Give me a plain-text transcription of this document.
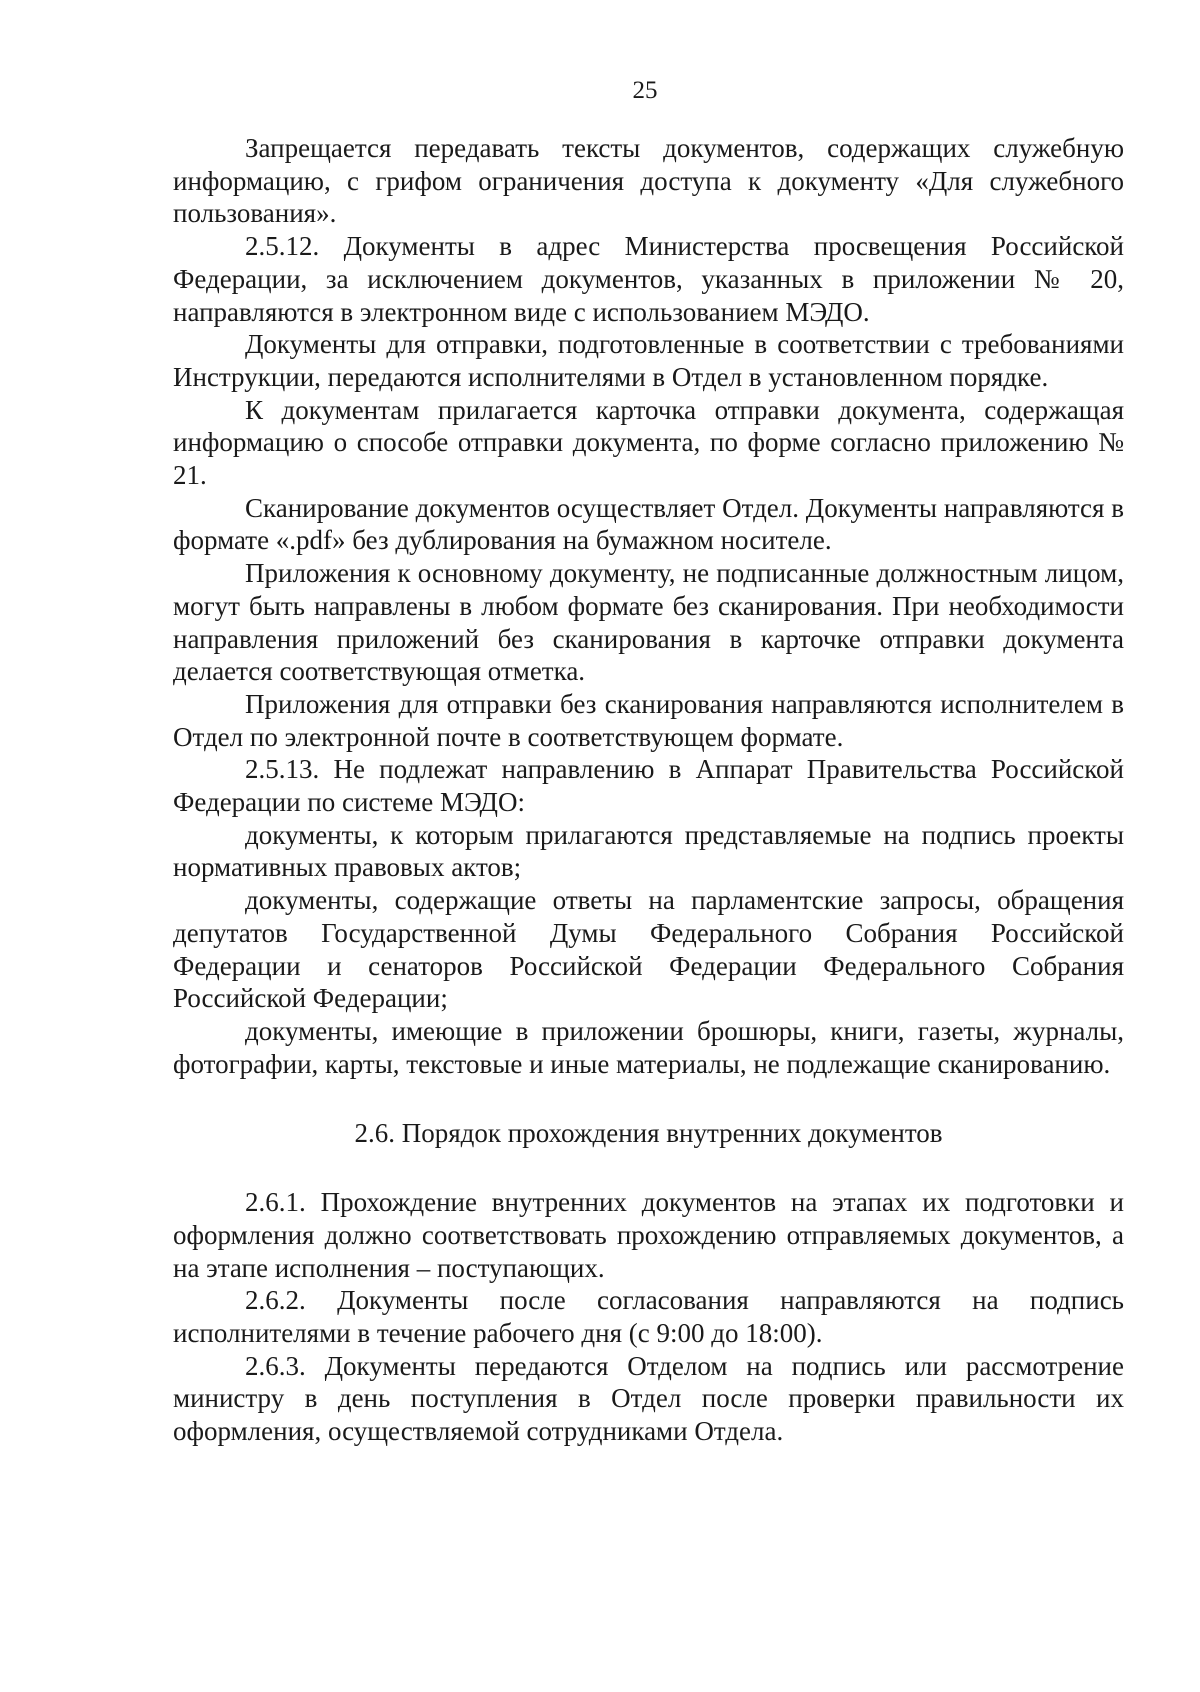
25

Запрещается передавать тексты документов, содержащих служебную информацию, с грифом ограничения доступа к документу «Для служебного пользования».

2.5.12. Документы в адрес Министерства просвещения Российской Федерации, за исключением документов, указанных в приложении № 20, направляются в электронном виде с использованием МЭДО.

Документы для отправки, подготовленные в соответствии с требованиями Инструкции, передаются исполнителями в Отдел в установленном порядке.

К документам прилагается карточка отправки документа, содержащая информацию о способе отправки документа, по форме согласно приложению № 21.

Сканирование документов осуществляет Отдел. Документы направляются в формате «.pdf» без дублирования на бумажном носителе.

Приложения к основному документу, не подписанные должностным лицом, могут быть направлены в любом формате без сканирования. При необходимости направления приложений без сканирования в карточке отправки документа делается соответствующая отметка.

Приложения для отправки без сканирования направляются исполнителем в Отдел по электронной почте в соответствующем формате.

2.5.13. Не подлежат направлению в Аппарат Правительства Российской Федерации по системе МЭДО:

документы, к которым прилагаются представляемые на подпись проекты нормативных правовых актов;

документы, содержащие ответы на парламентские запросы, обращения депутатов Государственной Думы Федерального Собрания Российской Федерации и сенаторов Российской Федерации Федерального Собрания Российской Федерации;

документы, имеющие в приложении брошюры, книги, газеты, журналы, фотографии, карты, текстовые и иные материалы, не подлежащие сканированию.

2.6. Порядок прохождения внутренних документов

2.6.1. Прохождение внутренних документов на этапах их подготовки и оформления должно соответствовать прохождению отправляемых документов, а на этапе исполнения – поступающих.

2.6.2. Документы после согласования направляются на подпись исполнителями в течение рабочего дня (с 9:00 до 18:00).

2.6.3. Документы передаются Отделом на подпись или рассмотрение министру в день поступления в Отдел после проверки правильности их оформления, осуществляемой сотрудниками Отдела.
